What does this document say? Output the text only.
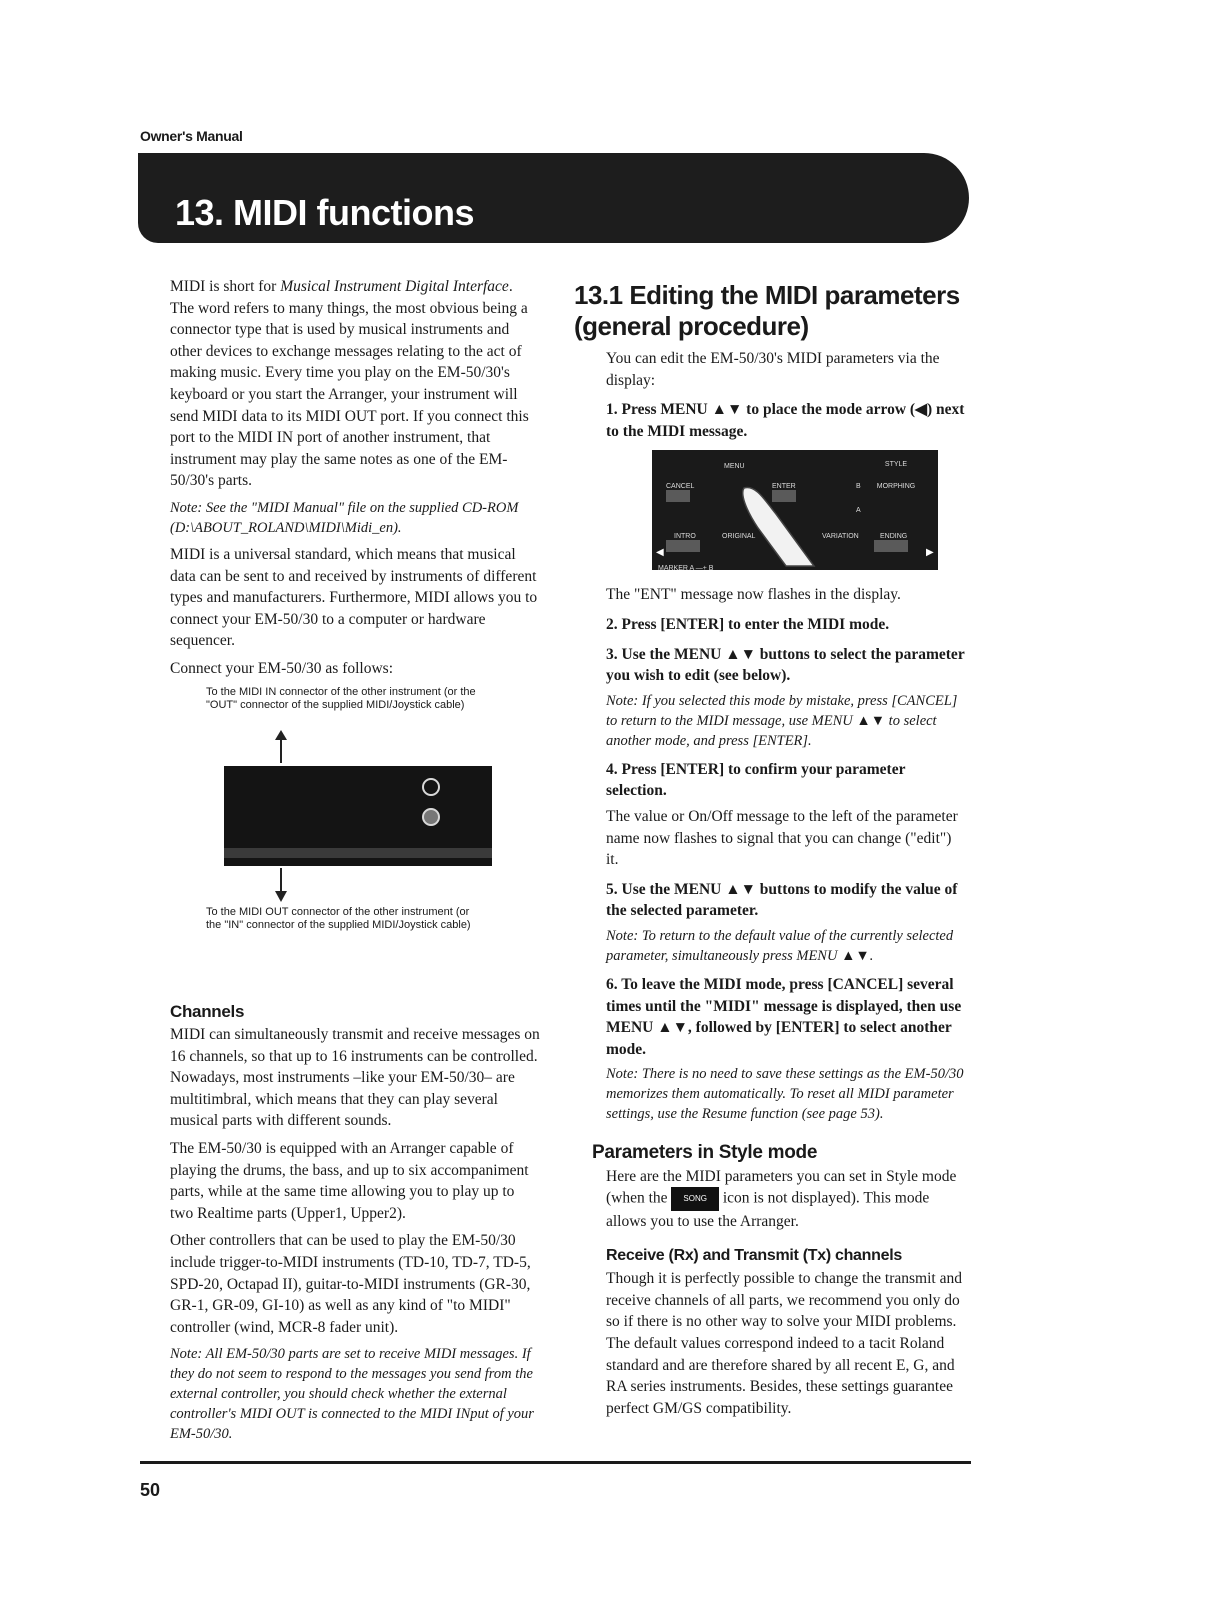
Owner's Manual
13. MIDI functions

MIDI is short for Musical Instrument Digital Interface. The word refers to many things, the most obvious being a connector type that is used by musical instruments and other devices to exchange messages relating to the act of making music. Every time you play on the EM-50/30's keyboard or you start the Arranger, your instrument will send MIDI data to its MIDI OUT port. If you connect this port to the MIDI IN port of another instrument, that instrument may play the same notes as one of the EM-50/30's parts.

Note: See the "MIDI Manual" file on the supplied CD-ROM (D:\ABOUT_ROLAND\MIDI\Midi_en).

MIDI is a universal standard, which means that musical data can be sent to and received by instruments of different types and manufacturers. Furthermore, MIDI allows you to connect your EM-50/30 to a computer or hardware sequencer.

Connect your EM-50/30 as follows:

To the MIDI IN connector of the other instrument (or the "OUT" connector of the supplied MIDI/Joystick cable)
To the MIDI OUT connector of the other instrument (or the "IN" connector of the supplied MIDI/Joystick cable)
Channels

MIDI can simultaneously transmit and receive messages on 16 channels, so that up to 16 instruments can be controlled. Nowadays, most instruments –like your EM-50/30– are multitimbral, which means that they can play several musical parts with different sounds.

The EM-50/30 is equipped with an Arranger capable of playing the drums, the bass, and up to six accompaniment parts, while at the same time allowing you to play up to two Realtime parts (Upper1, Upper2).

Other controllers that can be used to play the EM-50/30 include trigger-to-MIDI instruments (TD-10, TD-7, TD-5, SPD-20, Octapad II), guitar-to-MIDI instruments (GR-30, GR-1, GR-09, GI-10) as well as any kind of "to MIDI" controller (wind, MCR-8 fader unit).

Note: All EM-50/30 parts are set to receive MIDI messages. If they do not seem to respond to the messages you send from the external controller, you should check whether the external controller's MIDI OUT is connected to the MIDI INput of your EM-50/30.

13.1 Editing the MIDI parameters (general procedure)

You can edit the EM-50/30's MIDI parameters via the display:

1. Press MENU ▲▼ to place the mode arrow (◀) next to the MIDI message.

MENU	STYLE MORPHING
CANCEL	ENTER	B
A
INTRO	ORIGINAL	VARIATION	ENDING
MARKER A ―+ B
◀	▶

The "ENT" message now flashes in the display.

2. Press [ENTER] to enter the MIDI mode.

3. Use the MENU ▲▼ buttons to select the parameter you wish to edit (see below).

Note: If you selected this mode by mistake, press [CANCEL] to return to the MIDI message, use MENU ▲▼ to select another mode, and press [ENTER].

4. Press [ENTER] to confirm your parameter selection.

The value or On/Off message to the left of the parameter name now flashes to signal that you can change ("edit") it.

5. Use the MENU ▲▼ buttons to modify the value of the selected parameter.

Note: To return to the default value of the currently selected parameter, simultaneously press MENU ▲▼.

6. To leave the MIDI mode, press [CANCEL] several times until the "MIDI" message is displayed, then use MENU ▲▼, followed by [ENTER] to select another mode.

Note: There is no need to save these settings as the EM-50/30 memorizes them automatically. To reset all MIDI parameter settings, use the Resume function (see page 53).

Parameters in Style mode

Here are the MIDI parameters you can set in Style mode (when the SONG icon is not displayed). This mode allows you to use the Arranger.

Receive (Rx) and Transmit (Tx) channels

Though it is perfectly possible to change the transmit and receive channels of all parts, we recommend you only do so if there is no other way to solve your MIDI problems. The default values correspond indeed to a tacit Roland standard and are therefore shared by all recent E, G, and RA series instruments. Besides, these settings guarantee perfect GM/GS compatibility.

50
